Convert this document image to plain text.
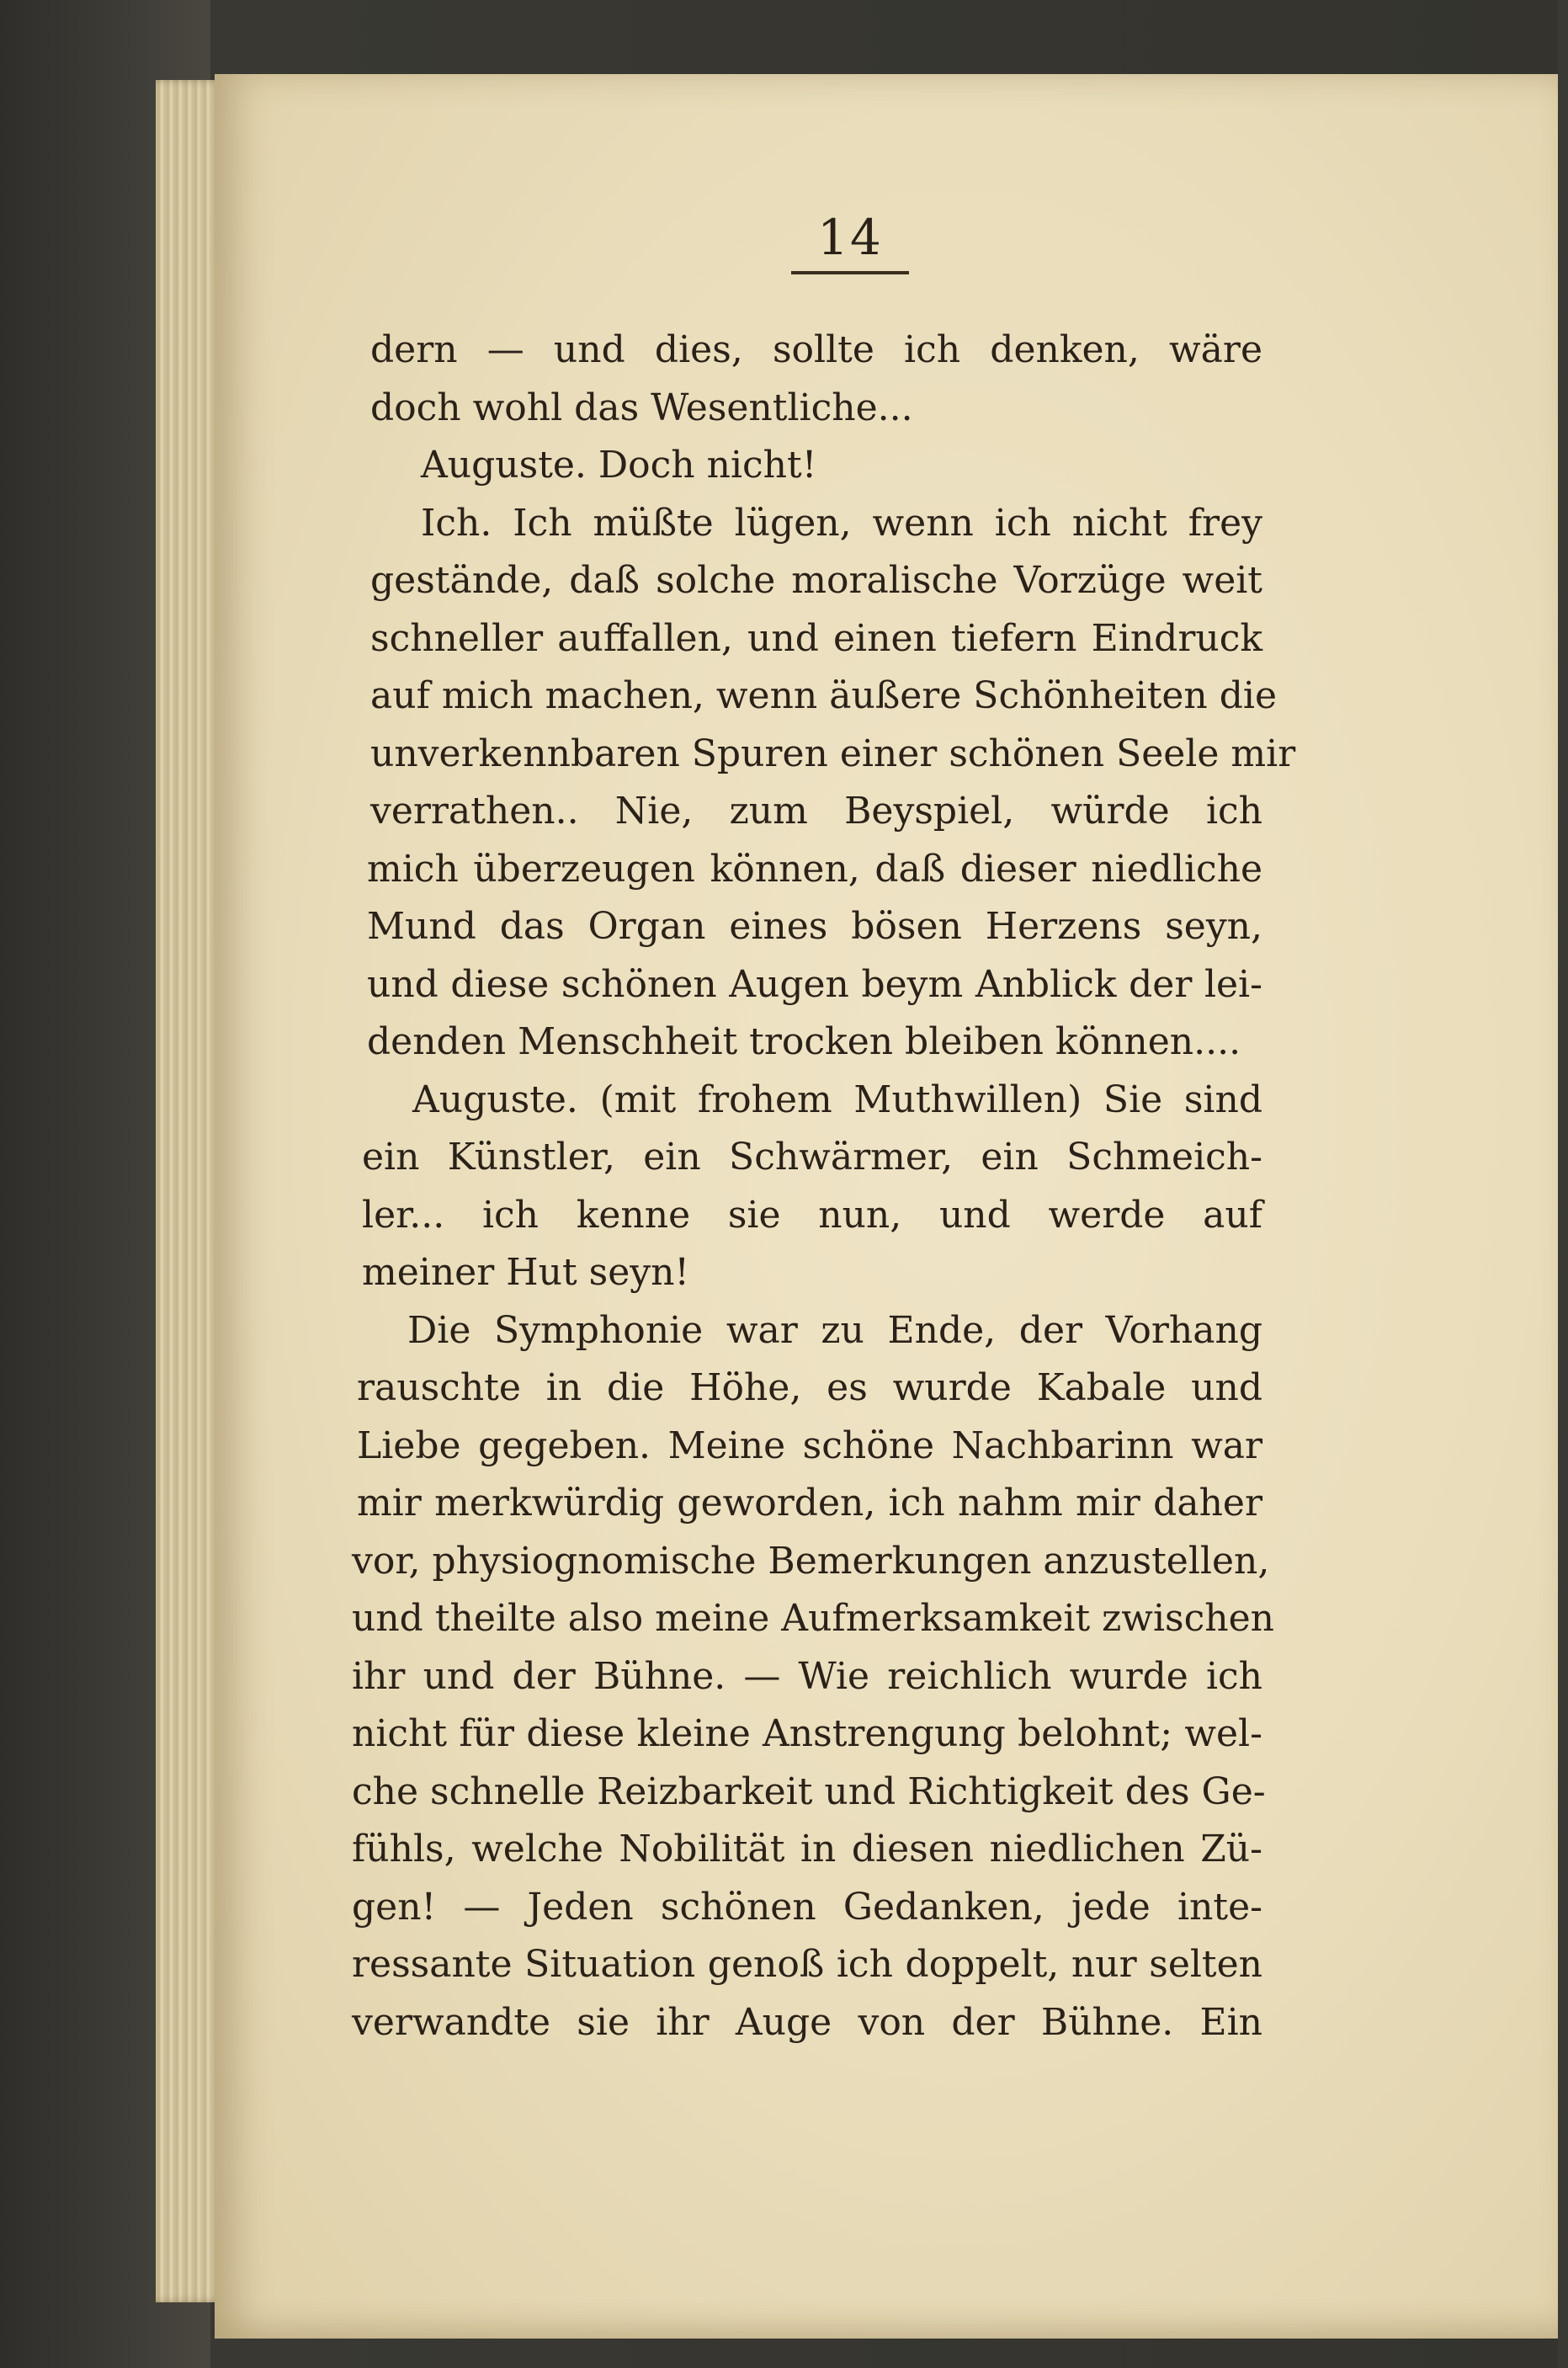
14
dern — und dies, sollte ich denken, wäre
doch wohl das Wesentliche...
Auguste. Doch nicht!
Ich. Ich müßte lügen, wenn ich nicht frey
gestände, daß solche moralische Vorzüge weit
schneller auffallen, und einen tiefern Eindruck
auf mich machen, wenn äußere Schönheiten die
unverkennbaren Spuren einer schönen Seele mir
verrathen.. Nie, zum Beyspiel, würde ich
mich überzeugen können, daß dieser niedliche
Mund das Organ eines bösen Herzens seyn,
und diese schönen Augen beym Anblick der lei-
denden Menschheit trocken bleiben können....
Auguste. (mit frohem Muthwillen) Sie sind
ein Künstler, ein Schwärmer, ein Schmeich-
ler... ich kenne sie nun, und werde auf
meiner Hut seyn!
Die Symphonie war zu Ende, der Vorhang
rauschte in die Höhe, es wurde Kabale und
Liebe gegeben. Meine schöne Nachbarinn war
mir merkwürdig geworden, ich nahm mir daher
vor, physiognomische Bemerkungen anzustellen,
und theilte also meine Aufmerksamkeit zwischen
ihr und der Bühne. — Wie reichlich wurde ich
nicht für diese kleine Anstrengung belohnt; wel-
che schnelle Reizbarkeit und Richtigkeit des Ge-
fühls, welche Nobilität in diesen niedlichen Zü-
gen! — Jeden schönen Gedanken, jede inte-
ressante Situation genoß ich doppelt, nur selten
verwandte sie ihr Auge von der Bühne. Ein
